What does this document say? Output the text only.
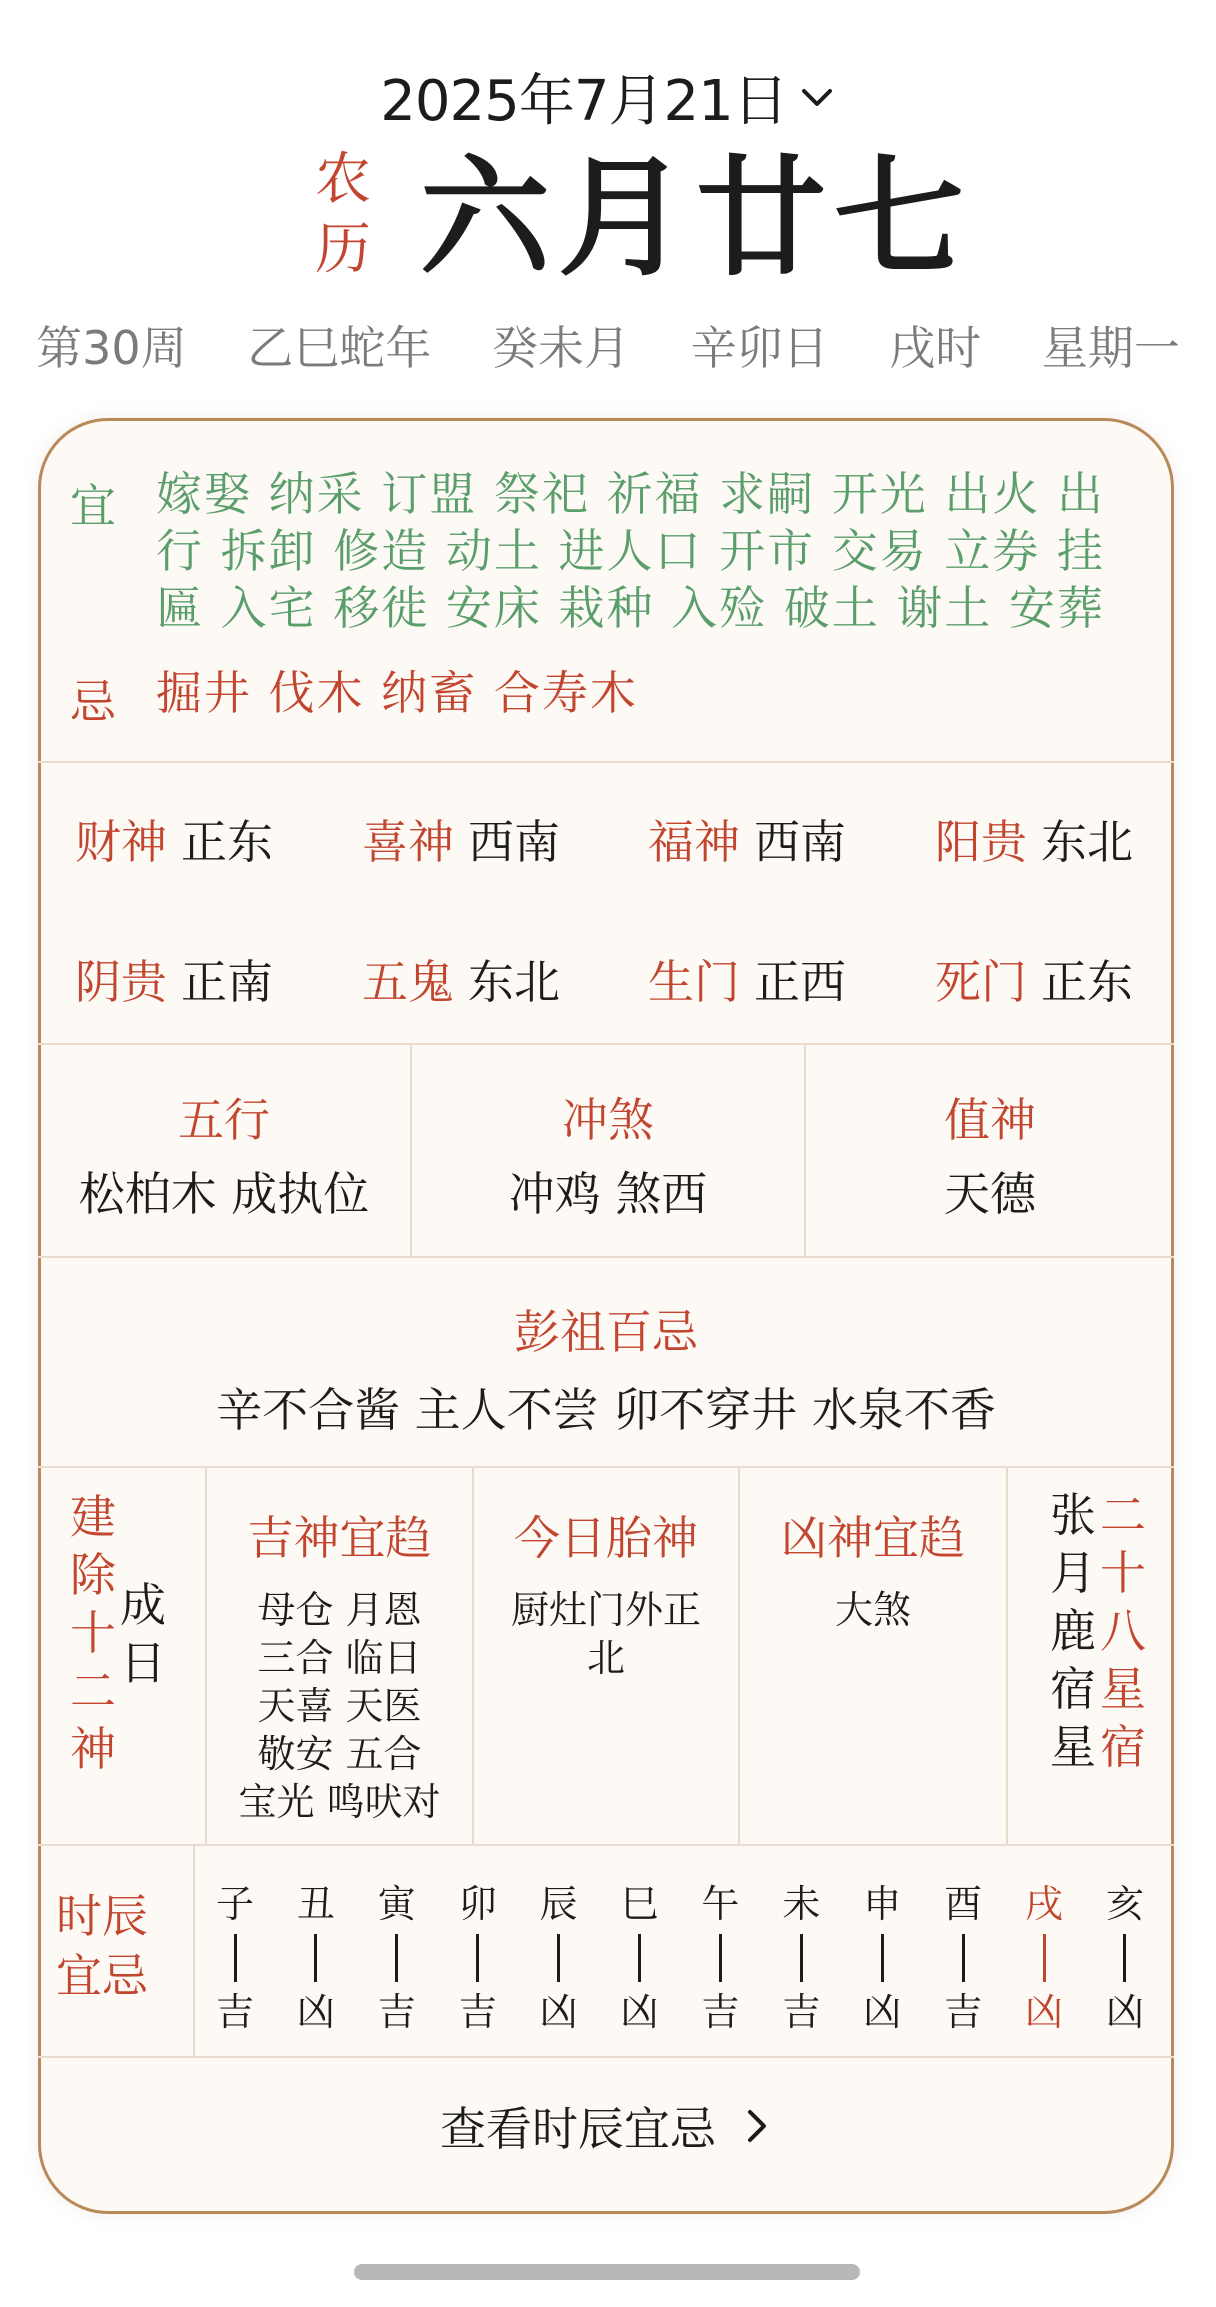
2025年7月21日
农
历 六月廿七
第30周 乙巳蛇年 癸未月 辛卯日 戌时 星期一
宜 嫁娶 纳采 订盟 祭祀 祈福 求嗣 开光 出火 出
行 拆卸 修造 动土 进人口 开市 交易 立券 挂
匾 入宅 移徙 安床 栽种 入殓 破土 谢土 安葬
忌 掘井 伐木 纳畜 合寿木
财神 正东 喜神 西南 福神 西南 阳贵 东北
阴贵 正南 五鬼 东北 生门 正西 死门 正东
五行
松柏木 成执位
冲煞
冲鸡 煞西
值神
天德
彭祖百忌
辛不合酱 主人不尝 卯不穿井 水泉不香
建
除
十
二
神
成
日
吉神宜趋
母仓 月恩
三合 临日
天喜 天医
敬安 五合
宝光 鸣吠对
今日胎神
厨灶门外正
北
凶神宜趋
大煞
张
月
鹿
宿
星
二
十
八
星
宿
时辰
宜忌
子
吉
丑
凶
寅
吉
卯
吉
辰
凶
巳
凶
午
吉
未
吉
申
凶
酉
吉
戌
凶
亥
凶
查看时辰宜忌
